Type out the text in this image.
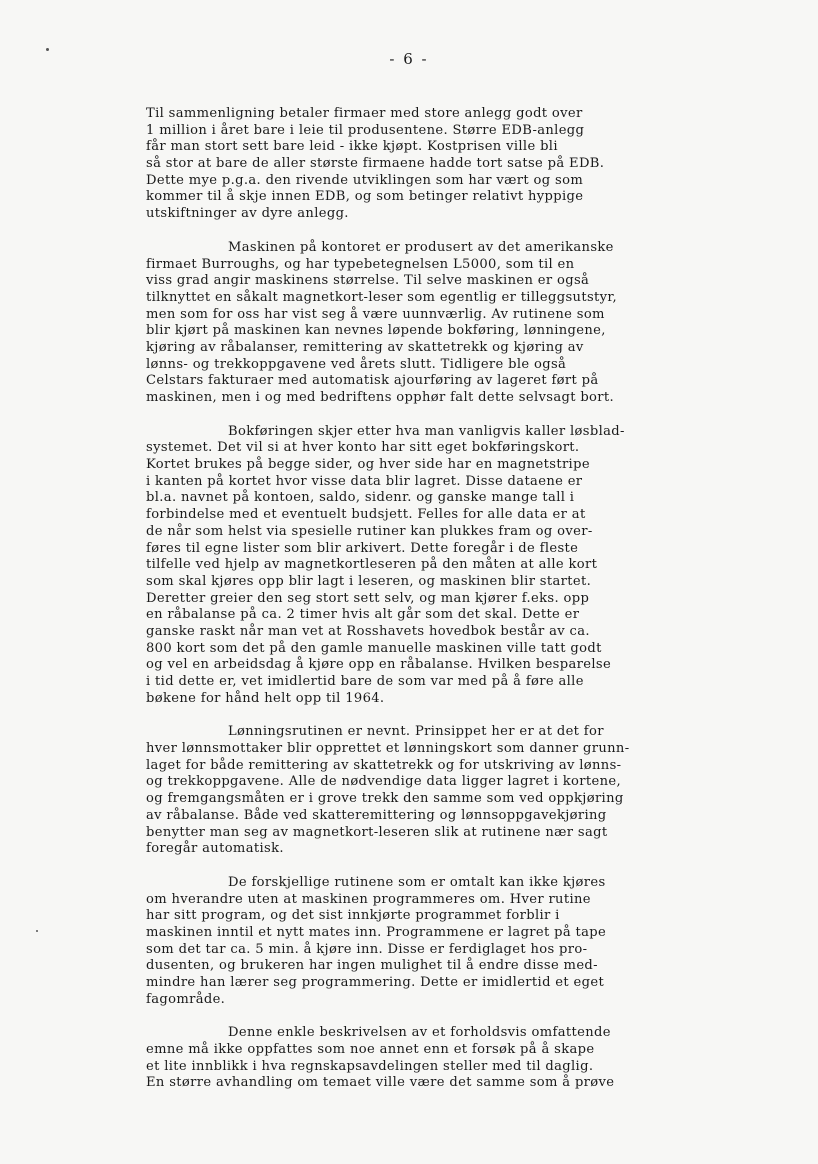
- 6 -
Til sammenligning betaler firmaer med store anlegg godt over
1 million i året bare i leie til produsentene. Større EDB-anlegg
får man stort sett bare leid - ikke kjøpt. Kostprisen ville bli
så stor at bare de aller største firmaene hadde tort satse på EDB.
Dette mye p.g.a. den rivende utviklingen som har vært og som
kommer til å skje innen EDB, og som betinger relativt hyppige
utskiftninger av dyre anlegg.
Maskinen på kontoret er produsert av det amerikanske
firmaet Burroughs, og har typebetegnelsen L5000, som til en
viss grad angir maskinens størrelse. Til selve maskinen er også
tilknyttet en såkalt magnetkort-leser som egentlig er tilleggsutstyr,
men som for oss har vist seg å være uunnværlig. Av rutinene som
blir kjørt på maskinen kan nevnes løpende bokføring, lønningene,
kjøring av råbalanser, remittering av skattetrekk og kjøring av
lønns- og trekkoppgavene ved årets slutt. Tidligere ble også
Celstars fakturaer med automatisk ajourføring av lageret ført på
maskinen, men i og med bedriftens opphør falt dette selvsagt bort.
Bokføringen skjer etter hva man vanligvis kaller løsblad-
systemet. Det vil si at hver konto har sitt eget bokføringskort.
Kortet brukes på begge sider, og hver side har en magnetstripe
i kanten på kortet hvor visse data blir lagret. Disse dataene er
bl.a. navnet på kontoen, saldo, sidenr. og ganske mange tall i
forbindelse med et eventuelt budsjett. Felles for alle data er at
de når som helst via spesielle rutiner kan plukkes fram og over-
føres til egne lister som blir arkivert. Dette foregår i de fleste
tilfelle ved hjelp av magnetkortleseren på den måten at alle kort
som skal kjøres opp blir lagt i leseren, og maskinen blir startet.
Deretter greier den seg stort sett selv, og man kjører f.eks. opp
en råbalanse på ca. 2 timer hvis alt går som det skal. Dette er
ganske raskt når man vet at Rosshavets hovedbok består av ca.
800 kort som det på den gamle manuelle maskinen ville tatt godt
og vel en arbeidsdag å kjøre opp en råbalanse. Hvilken besparelse
i tid dette er, vet imidlertid bare de som var med på å føre alle
bøkene for hånd helt opp til 1964.
Lønningsrutinen er nevnt. Prinsippet her er at det for
hver lønnsmottaker blir opprettet et lønningskort som danner grunn-
laget for både remittering av skattetrekk og for utskriving av lønns-
og trekkoppgavene. Alle de nødvendige data ligger lagret i kortene,
og fremgangsmåten er i grove trekk den samme som ved oppkjøring
av råbalanse. Både ved skatteremittering og lønnsoppgavekjøring
benytter man seg av magnetkort-leseren slik at rutinene nær sagt
foregår automatisk.
De forskjellige rutinene som er omtalt kan ikke kjøres
om hverandre uten at maskinen programmeres om. Hver rutine
har sitt program, og det sist innkjørte programmet forblir i
maskinen inntil et nytt mates inn. Programmene er lagret på tape
som det tar ca. 5 min. å kjøre inn. Disse er ferdiglaget hos pro-
dusenten, og brukeren har ingen mulighet til å endre disse med-
mindre han lærer seg programmering. Dette er imidlertid et eget
fagområde.
Denne enkle beskrivelsen av et forholdsvis omfattende
emne må ikke oppfattes som noe annet enn et forsøk på å skape
et lite innblikk i hva regnskapsavdelingen steller med til daglig.
En større avhandling om temaet ville være det samme som å prøve
